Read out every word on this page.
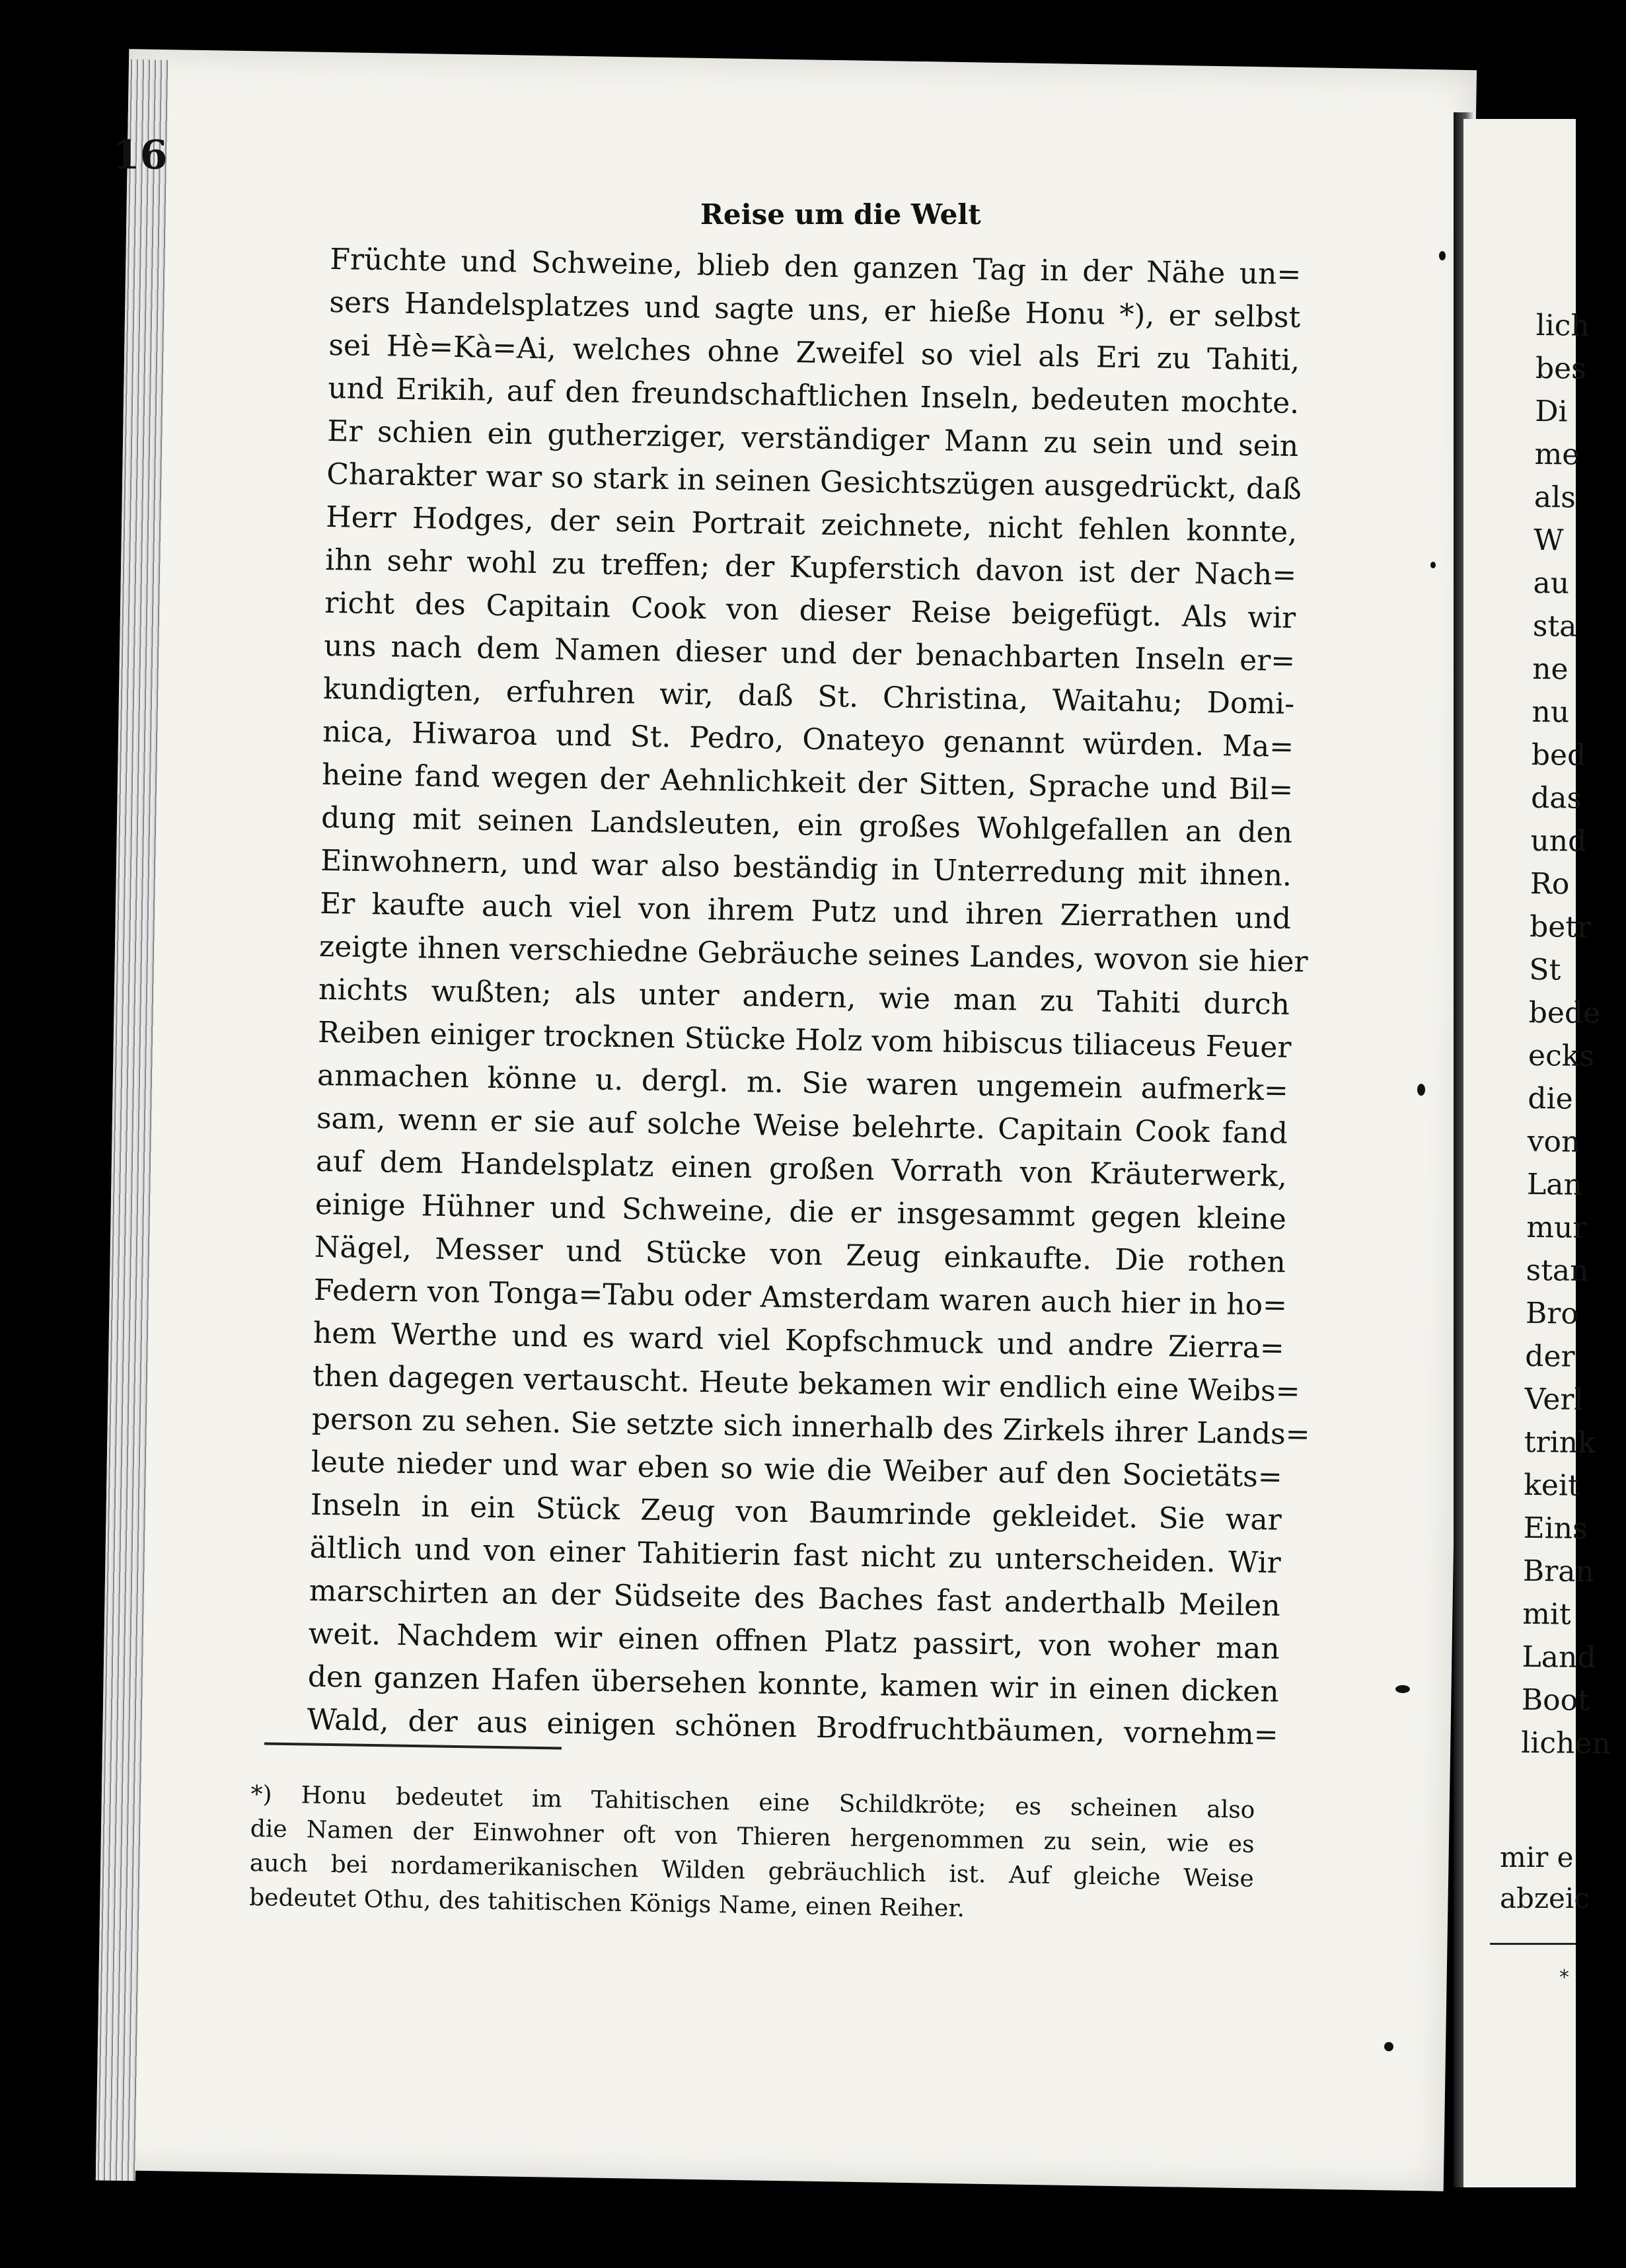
16
Reise um die Welt
Früchte und Schweine, blieb den ganzen Tag in der Nähe un=
sers Handelsplatzes und sagte uns, er hieße Honu *), er selbst
sei Hè=Kà=Ai, welches ohne Zweifel so viel als Eri zu Tahiti,
und Erikih, auf den freundschaftlichen Inseln, bedeuten mochte.
Er schien ein gutherziger, verständiger Mann zu sein und sein
Charakter war so stark in seinen Gesichtszügen ausgedrückt, daß
Herr Hodges, der sein Portrait zeichnete, nicht fehlen konnte,
ihn sehr wohl zu treffen; der Kupferstich davon ist der Nach=
richt des Capitain Cook von dieser Reise beigefügt. Als wir
uns nach dem Namen dieser und der benachbarten Inseln er=
kundigten, erfuhren wir, daß St. Christina, Waitahu; Domi-
nica, Hiwaroa und St. Pedro, Onateyo genannt würden. Ma=
heine fand wegen der Aehnlichkeit der Sitten, Sprache und Bil=
dung mit seinen Landsleuten, ein großes Wohlgefallen an den
Einwohnern, und war also beständig in Unterredung mit ihnen.
Er kaufte auch viel von ihrem Putz und ihren Zierrathen und
zeigte ihnen verschiedne Gebräuche seines Landes, wovon sie hier
nichts wußten; als unter andern, wie man zu Tahiti durch
Reiben einiger trocknen Stücke Holz vom hibiscus tiliaceus Feuer
anmachen könne u. dergl. m. Sie waren ungemein aufmerk=
sam, wenn er sie auf solche Weise belehrte. Capitain Cook fand
auf dem Handelsplatz einen großen Vorrath von Kräuterwerk,
einige Hühner und Schweine, die er insgesammt gegen kleine
Nägel, Messer und Stücke von Zeug einkaufte. Die rothen
Federn von Tonga=Tabu oder Amsterdam waren auch hier in ho=
hem Werthe und es ward viel Kopfschmuck und andre Zierra=
then dagegen vertauscht. Heute bekamen wir endlich eine Weibs=
person zu sehen. Sie setzte sich innerhalb des Zirkels ihrer Lands=
leute nieder und war eben so wie die Weiber auf den Societäts=
Inseln in ein Stück Zeug von Baumrinde gekleidet. Sie war
ältlich und von einer Tahitierin fast nicht zu unterscheiden. Wir
marschirten an der Südseite des Baches fast anderthalb Meilen
weit. Nachdem wir einen offnen Platz passirt, von woher man
den ganzen Hafen übersehen konnte, kamen wir in einen dicken
Wald, der aus einigen schönen Brodfruchtbäumen, vornehm=
*) Honu bedeutet im Tahitischen eine Schildkröte; es scheinen also
die Namen der Einwohner oft von Thieren hergenommen zu sein, wie es
auch bei nordamerikanischen Wilden gebräuchlich ist. Auf gleiche Weise
bedeutet Othu, des tahitischen Königs Name, einen Reiher.
lich
bes
Di
me
als
W
au
sta
ne
nu
bed
das
und
Ro
betr
St
bede
ecks
die
von
Lan
mur
stan
Bro
der
Verl
trink
keit
Eins
Bran
mit
Land
Boot
lichen
mir e
abzeic
*
